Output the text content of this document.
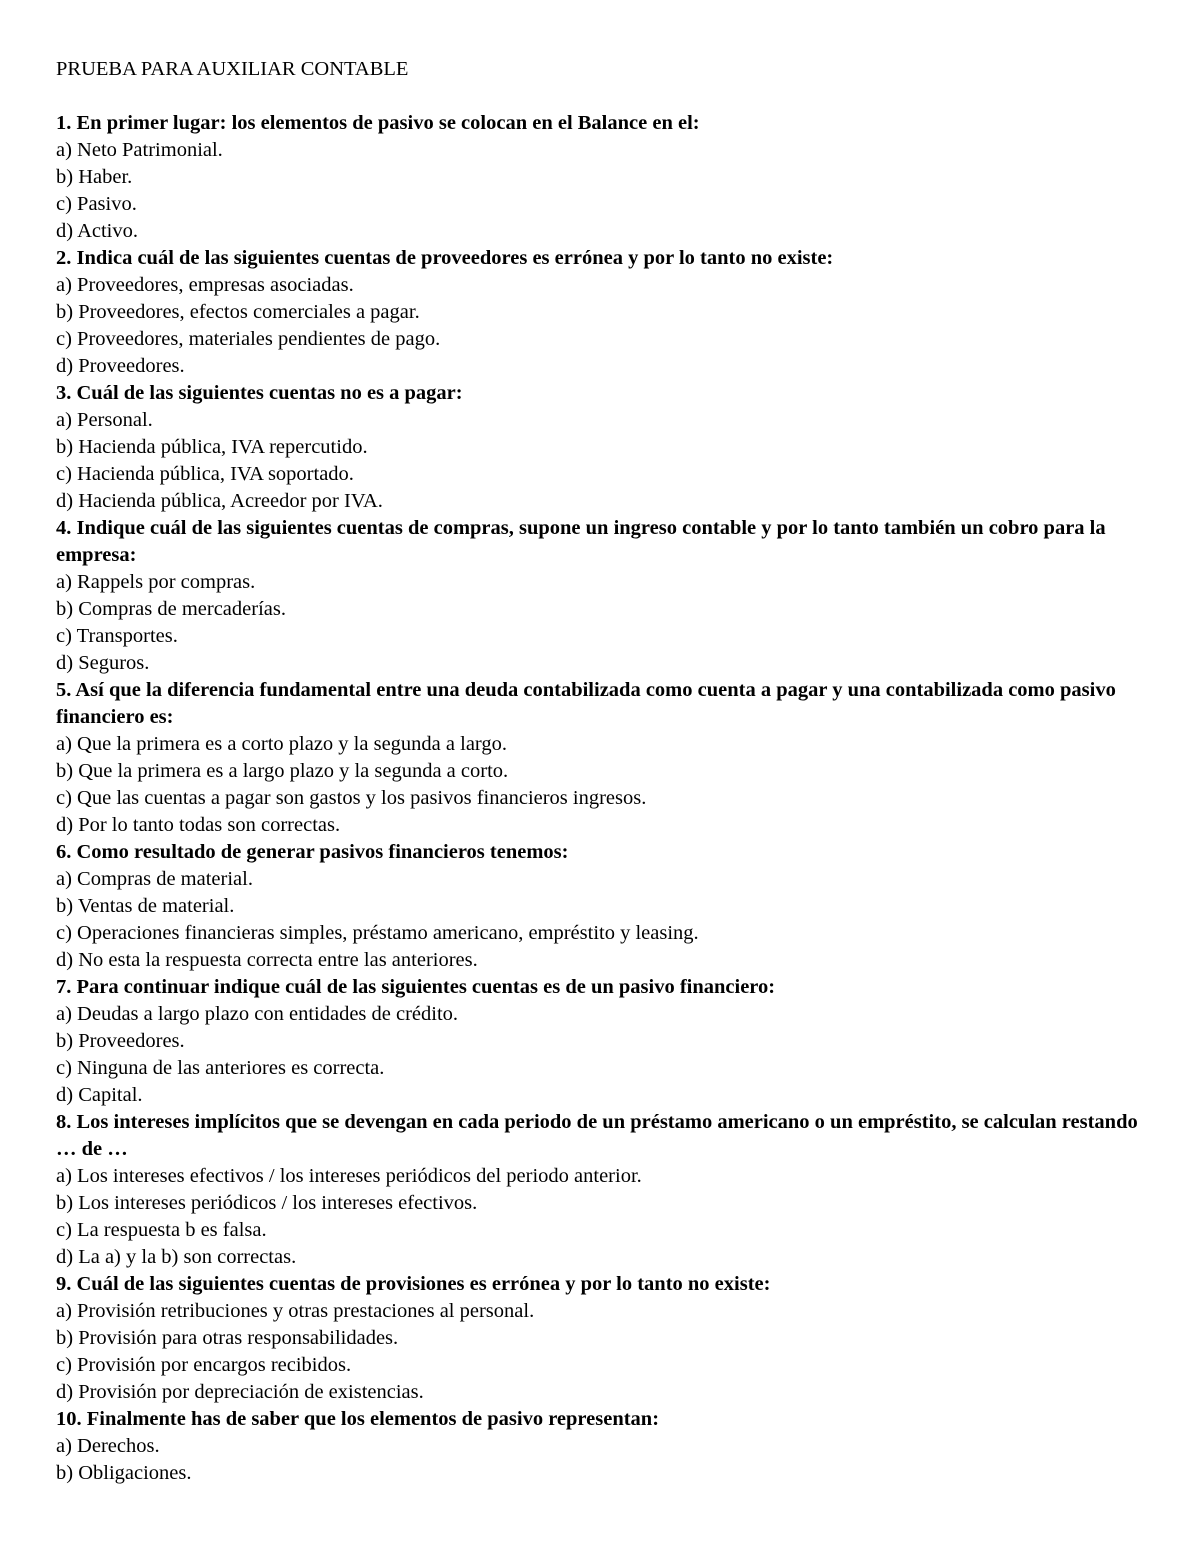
PRUEBA PARA AUXILIAR CONTABLE
1. En primer lugar: los elementos de pasivo se colocan en el Balance en el:
a) Neto Patrimonial.
b) Haber.
c) Pasivo.
d) Activo.
2. Indica cuál de las siguientes cuentas de proveedores es errónea y por lo tanto no existe:
a) Proveedores, empresas asociadas.
b) Proveedores, efectos comerciales a pagar.
c) Proveedores, materiales pendientes de pago.
d) Proveedores.
3. Cuál de las siguientes cuentas no es a pagar:
a) Personal.
b) Hacienda pública, IVA repercutido.
c) Hacienda pública, IVA soportado.
d) Hacienda pública, Acreedor por IVA.
4. Indique cuál de las siguientes cuentas de compras, supone un ingreso contable y por lo tanto también un cobro para la empresa:
a) Rappels por compras.
b) Compras de mercaderías.
c) Transportes.
d) Seguros.
5. Así que la diferencia fundamental entre una deuda contabilizada como cuenta a pagar y una contabilizada como pasivo financiero es:
a) Que la primera es a corto plazo y la segunda a largo.
b) Que la primera es a largo plazo y la segunda a corto.
c) Que las cuentas a pagar son gastos y los pasivos financieros ingresos.
d) Por lo tanto todas son correctas.
6. Como resultado de generar pasivos financieros tenemos:
a) Compras de material.
b) Ventas de material.
c) Operaciones financieras simples, préstamo americano, empréstito y leasing.
d) No esta la respuesta correcta entre las anteriores.
7. Para continuar indique cuál de las siguientes cuentas es de un pasivo financiero:
a) Deudas a largo plazo con entidades de crédito.
b) Proveedores.
c) Ninguna de las anteriores es correcta.
d) Capital.
8. Los intereses implícitos que se devengan en cada periodo de un préstamo americano o un empréstito, se calculan restando … de …
a) Los intereses efectivos / los intereses periódicos del periodo anterior.
b) Los intereses periódicos / los intereses efectivos.
c) La respuesta b es falsa.
d) La a) y la b) son correctas.
9. Cuál de las siguientes cuentas de provisiones es errónea y por lo tanto no existe:
a) Provisión retribuciones y otras prestaciones al personal.
b) Provisión para otras responsabilidades.
c) Provisión por encargos recibidos.
d) Provisión por depreciación de existencias.
10. Finalmente has de saber que los elementos de pasivo representan:
a) Derechos.
b) Obligaciones.
